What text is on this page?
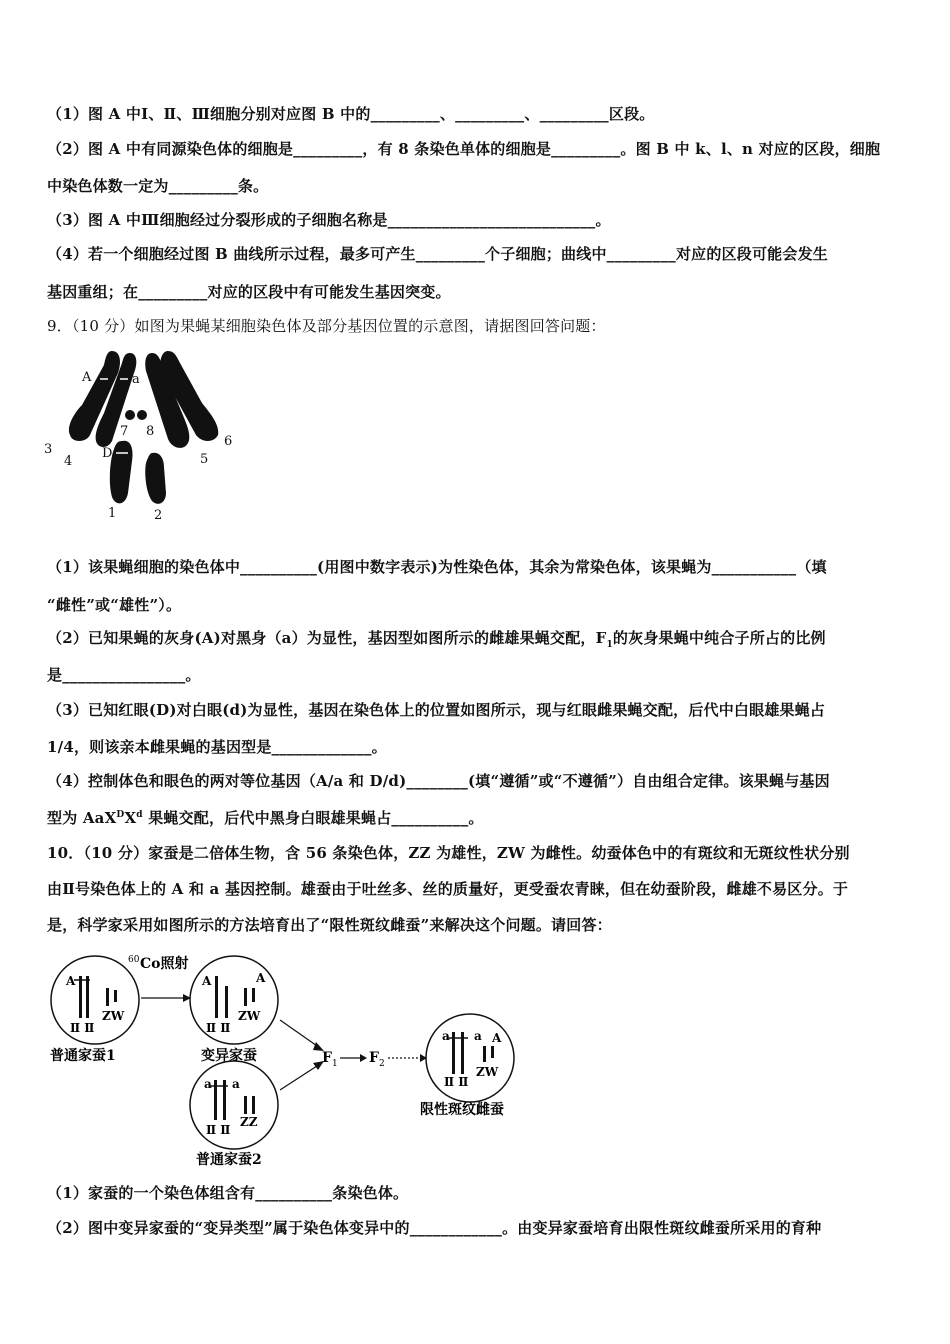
（1）图 A 中Ⅰ、Ⅱ、Ⅲ细胞分别对应图 B 中的_________、_________、_________区段。
（2）图 A 中有同源染色体的细胞是_________，有 8 条染色单体的细胞是_________。图 B 中 k、l、n 对应的区段，细胞
中染色体数一定为_________条。
（3）图 A 中Ⅲ细胞经过分裂形成的子细胞名称是___________________________。
（4）若一个细胞经过图 B 曲线所示过程，最多可产生_________个子细胞；曲线中_________对应的区段可能会发生
基因重组；在_________对应的区段中有可能发生基因突变。
9．（10 分）如图为果蝇某细胞染色体及部分基因位置的示意图，请据图回答问题：
A	a
7 8
3
4
D	5
6
1	2
（1）该果蝇细胞的染色体中__________(用图中数字表示)为性染色体，其余为常染色体，该果蝇为___________（填
“雌性”或“雄性”）。
（2）已知果蝇的灰身(A)对黑身（a）为显性，基因型如图所示的雌雄果蝇交配，$F_1$的灰身果蝇中纯合子所占的比例
是________________。
（3）已知红眼(D)对白眼(d)为显性，基因在染色体上的位置如图所示，现与红眼雌果蝇交配，后代中白眼雄果蝇占
1/4，则该亲本雌果蝇的基因型是_____________。
（4）控制体色和眼色的两对等位基因（A/a 和 D/d)________(填“遵循”或“不遵循”）自由组合定律。该果蝇与基因
型为 $AaX^DX^d$ 果蝇交配，后代中黑身白眼雄果蝇占__________。
10．（10 分）家蚕是二倍体生物，含 56 条染色体，ZZ 为雄性，ZW 为雌性。幼蚕体色中的有斑纹和无斑纹性状分别
由Ⅱ号染色体上的 A 和 a 基因控制。雄蚕由于吐丝多、丝的质量好，更受蚕农青睐，但在幼蚕阶段，雌雄不易区分。于
是，科学家采用如图所示的方法培育出了“限性斑纹雌蚕”来解决这个问题。请回答：
A
Ⅱ Ⅱ
ZW
普通家蚕1
60 Co照射
A	A
Ⅱ Ⅱ
ZW
变异家蚕	F 1 F 2
a a A
Ⅱ Ⅱ
ZW
限性斑纹雌蚕
a a
Ⅱ Ⅱ
ZZ
普通家蚕2
（1）家蚕的一个染色体组含有__________条染色体。
（2）图中变异家蚕的“变异类型”属于染色体变异中的____________。由变异家蚕培育出限性斑纹雌蚕所采用的育种
